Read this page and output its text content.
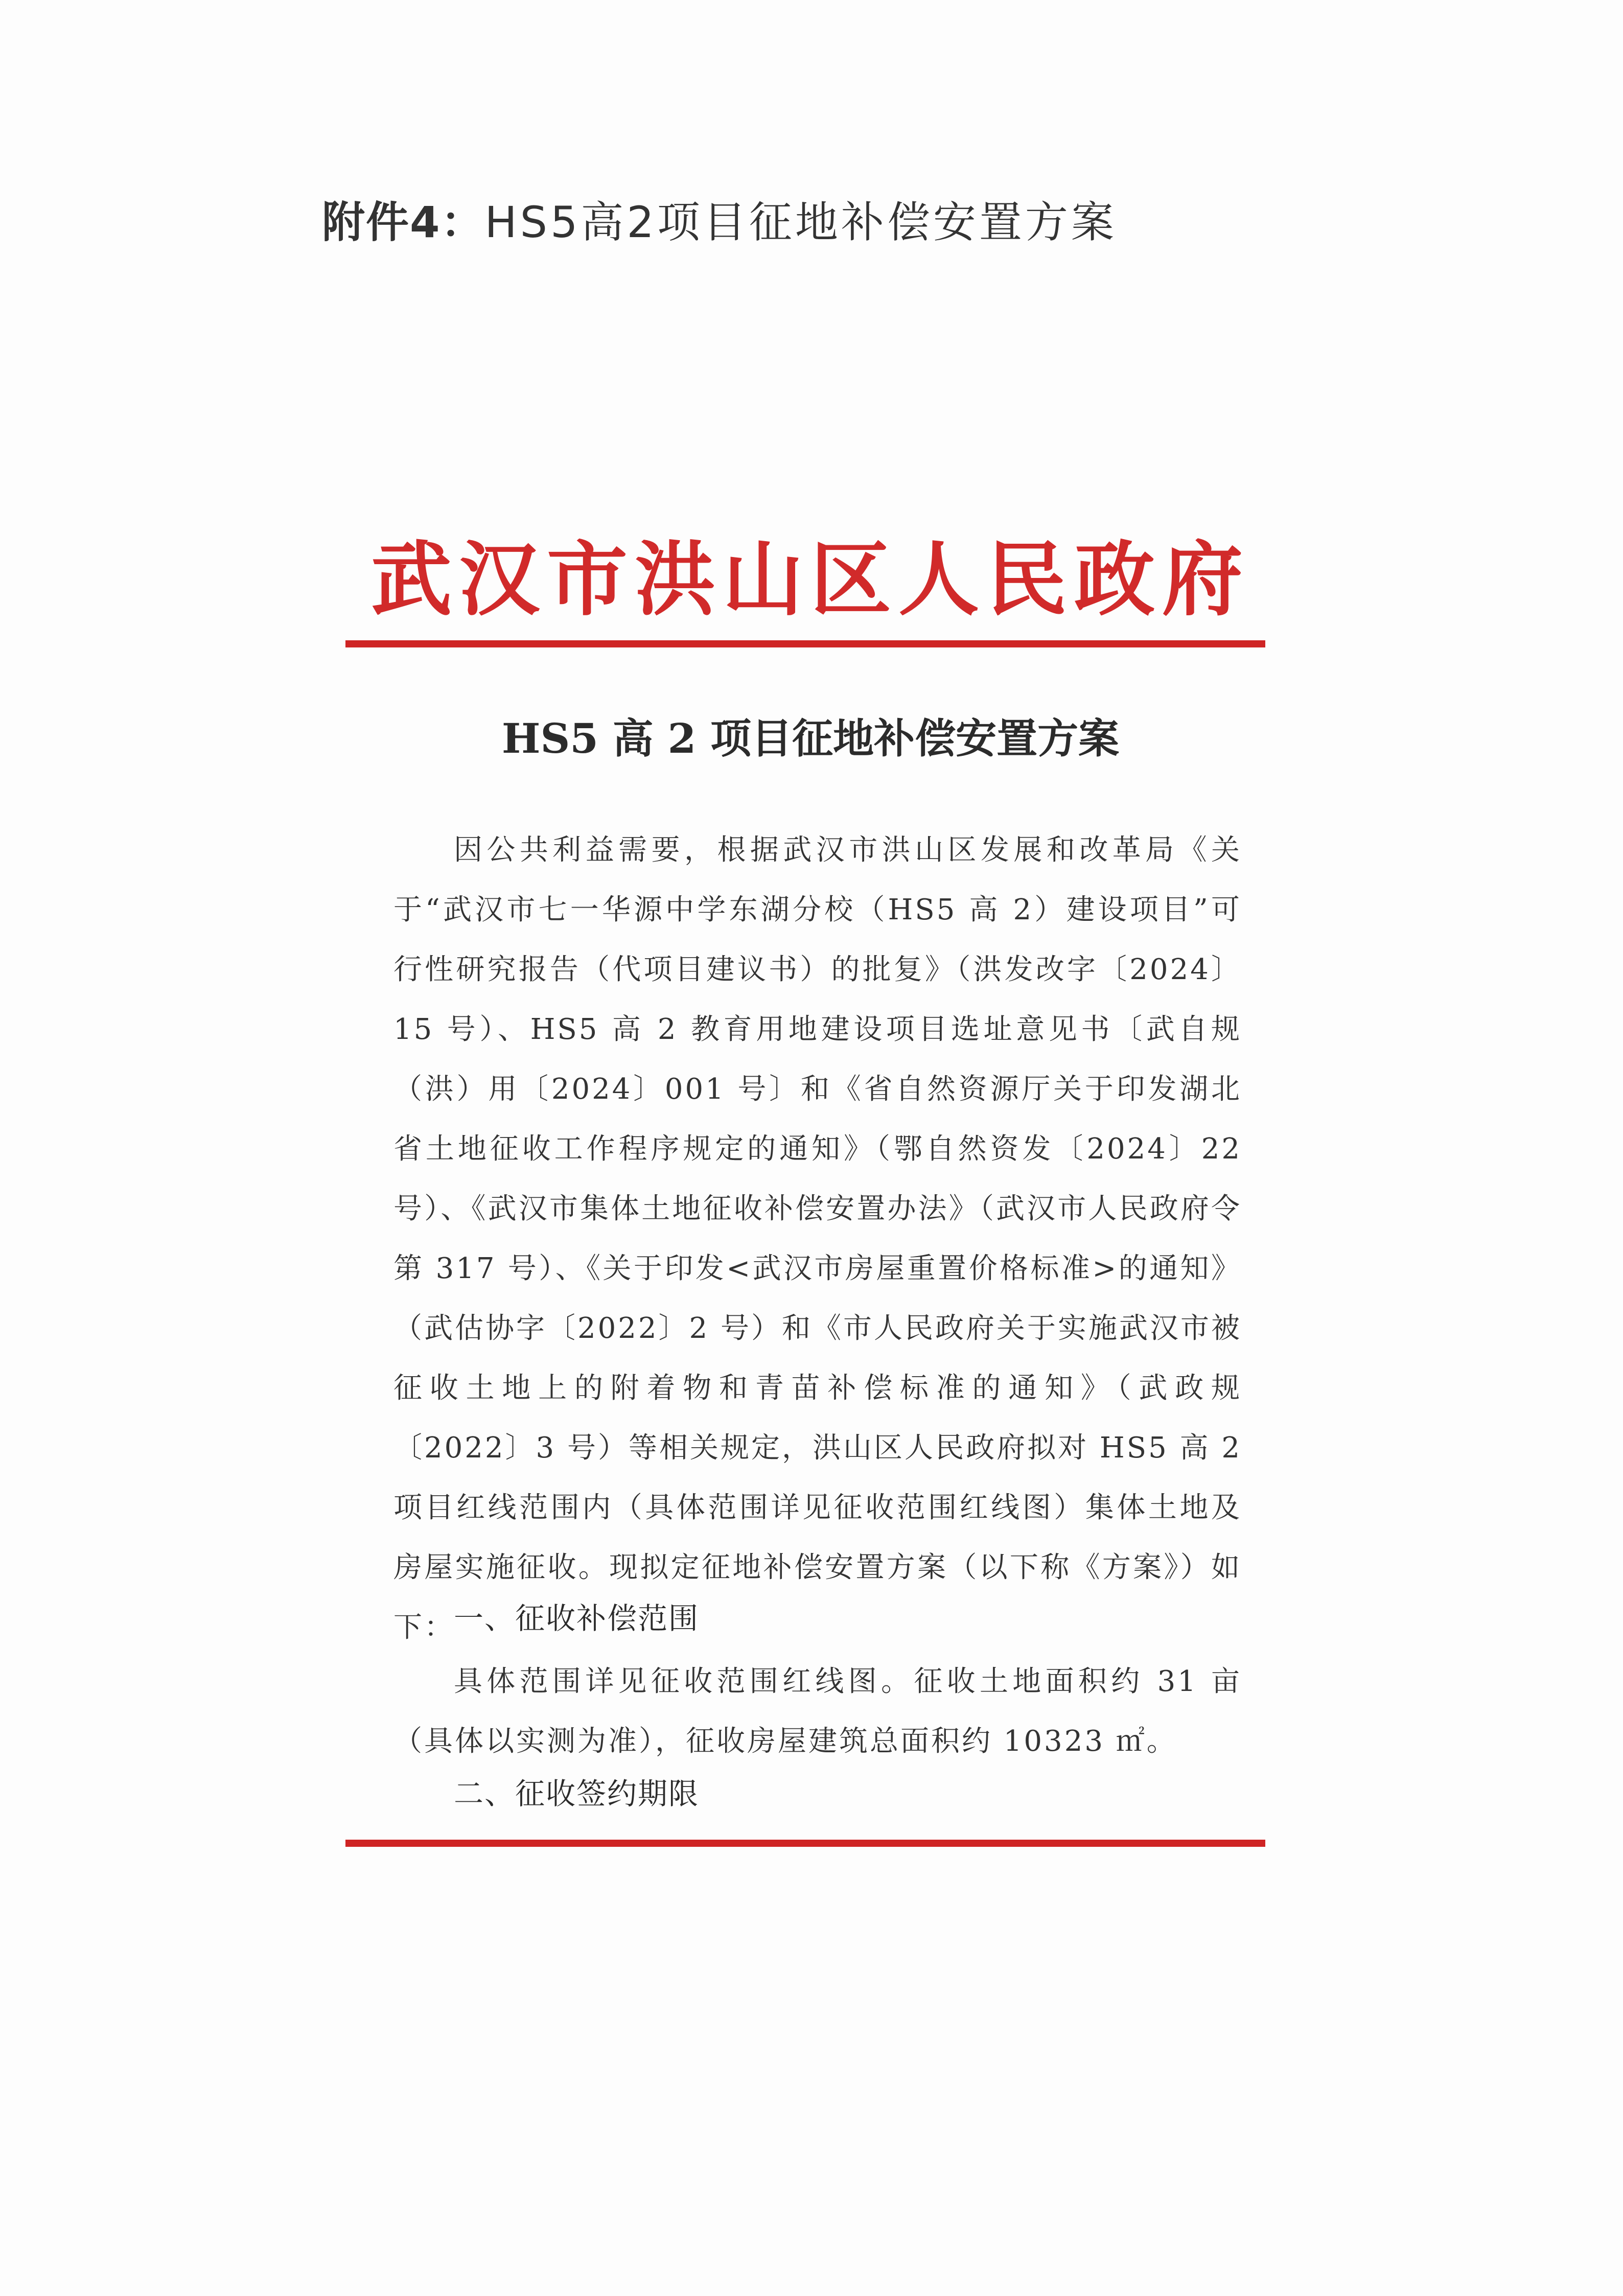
附件4：HS5高2项目征地补偿安置方案
武汉市洪山区人民政府
HS5 高 2 项目征地补偿安置方案

因公共利益需要，根据武汉市洪山区发展和改革局《关于“武汉市七一华源中学东湖分校（HS5 高 2）建设项目”可行性研究报告（代项目建议书）的批复》（洪发改字〔2024〕15 号）、HS5 高 2 教育用地建设项目选址意见书〔武自规（洪）用〔2024〕001 号〕和《省自然资源厅关于印发湖北省土地征收工作程序规定的通知》（鄂自然资发〔2024〕22 号）、《武汉市集体土地征收补偿安置办法》（武汉市人民政府令第 317 号）、《关于印发<武汉市房屋重置价格标准>的通知》（武估协字〔2022〕2 号）和《市人民政府关于实施武汉市被征收土地上的附着物和青苗补偿标准的通知》（武政规〔2022〕3 号）等相关规定，洪山区人民政府拟对 HS5 高 2 项目红线范围内（具体范围详见征收范围红线图）集体土地及房屋实施征收。现拟定征地补偿安置方案（以下称《方案》）如下：

一、征收补偿范围

具体范围详见征收范围红线图。征收土地面积约 31 亩（具体以实测为准），征收房屋建筑总面积约 10323 ㎡。

二、征收签约期限
